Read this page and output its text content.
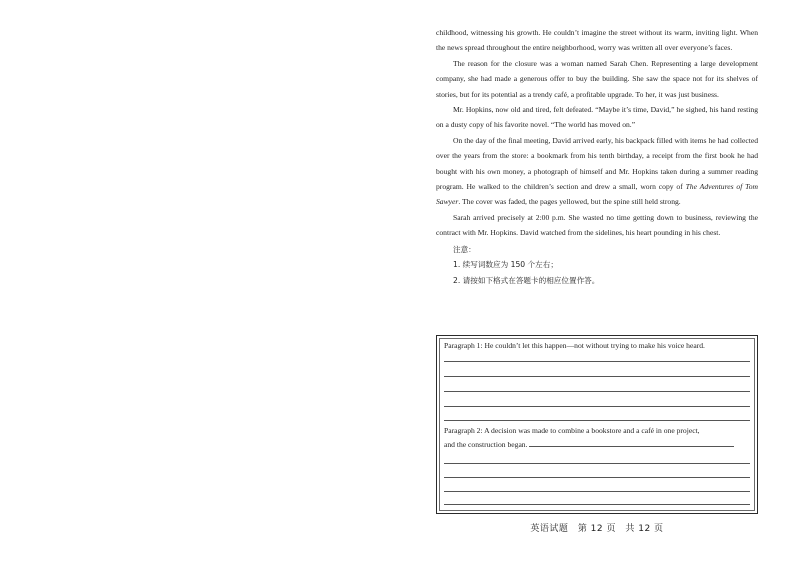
childhood, witnessing his growth. He couldn’t imagine the street without its warm, inviting light. When the news spread throughout the entire neighborhood, worry was written all over everyone’s faces.

The reason for the closure was a woman named Sarah Chen. Representing a large development company, she had made a generous offer to buy the building. She saw the space not for its shelves of stories, but for its potential as a trendy café, a profitable upgrade. To her, it was just business.

Mr. Hopkins, now old and tired, felt defeated. “Maybe it’s time, David,” he sighed, his hand resting on a dusty copy of his favorite novel. “The world has moved on.”

On the day of the final meeting, David arrived early, his backpack filled with items he had collected over the years from the store: a bookmark from his tenth birthday, a receipt from the first book he had bought with his own money, a photograph of himself and Mr. Hopkins taken during a summer reading program. He walked to the children’s section and drew a small, worn copy of The Adventures of Tom Sawyer. The cover was faded, the pages yellowed, but the spine still held strong.

Sarah arrived precisely at 2:00 p.m. She wasted no time getting down to business, reviewing the contract with Mr. Hopkins. David watched from the sidelines, his heart pounding in his chest.

注意：

1. 续写词数应为 150 个左右；

2. 请按如下格式在答题卡的相应位置作答。

Paragraph 1: He couldn’t let this happen—not without trying to make his voice heard.
Paragraph 2: A decision was made to combine a bookstore and a café in one project,
and the construction began.
英语试题 第 12 页 共 12 页
